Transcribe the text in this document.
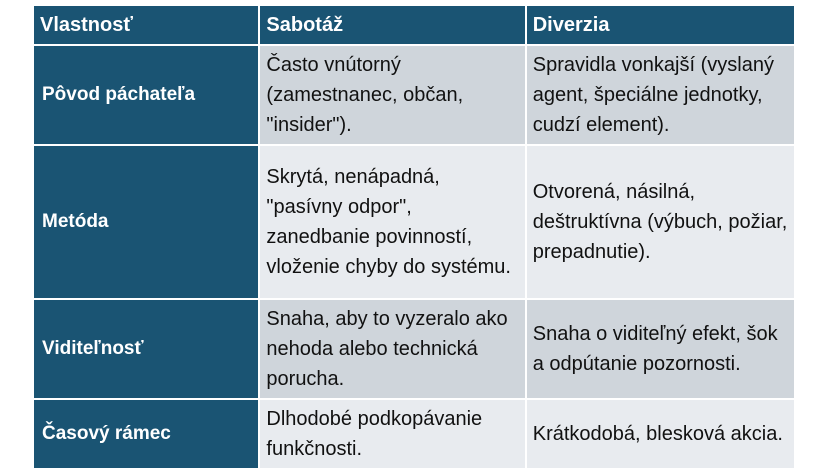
Vlastnosť	Sabotáž	Diverzia
Pôvod páchateľa	Často vnútorný (zamestnanec, občan, "insider").	Spravidla vonkajší (vyslaný agent, špeciálne jednotky, cudzí element).
Metóda	Skrytá, nenápadná, "pasívny odpor", zanedbanie povinností, vloženie chyby do systému.	Otvorená, násilná, deštruktívna (výbuch, požiar, prepadnutie).
Viditeľnosť	Snaha, aby to vyzeralo ako nehoda alebo technická porucha.	Snaha o viditeľný efekt, šok a odpútanie pozornosti.
Časový rámec	Dlhodobé podkopávanie funkčnosti.	Krátkodobá, blesková akcia.
